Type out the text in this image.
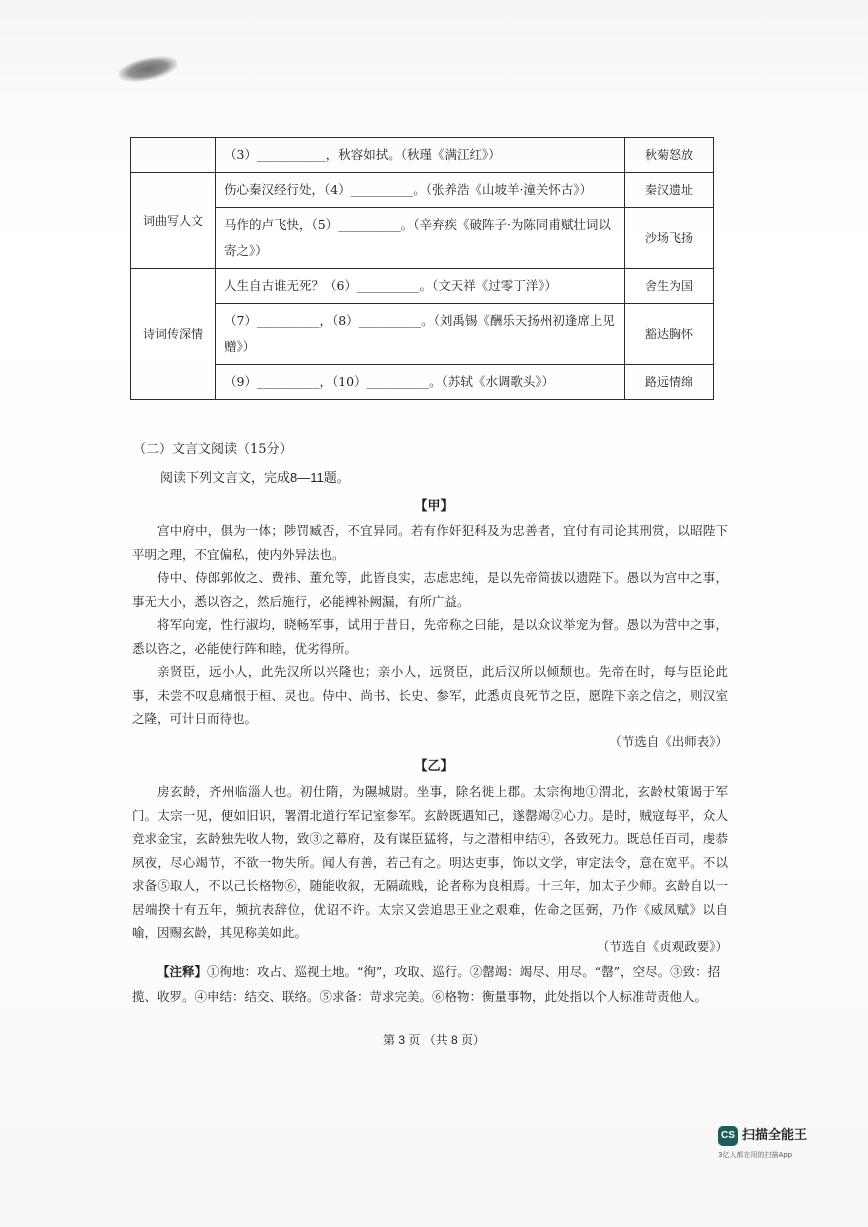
	（3）___________，秋容如拭。（秋瑾《满江红》）	秋菊怒放
词曲写人文	伤心秦汉经行处，（4）__________。（张养浩《山坡羊·潼关怀古》）	秦汉遗址
	马作的卢飞快，（5）__________。（辛弃疾《破阵子·为陈同甫赋壮词以寄之》）	沙场飞扬
诗词传深情	人生自古谁无死？（6）__________。（文天祥《过零丁洋》）	舍生为国
	（7）__________，（8）__________。（刘禹锡《酬乐天扬州初逢席上见赠》）	豁达胸怀
	（9）__________，（10）__________。（苏轼《水调歌头》）	路远情绵
（二）文言文阅读（15分）
阅读下列文言文，完成8—11题。
【甲】
宫中府中，俱为一体；陟罚臧否，不宜异同。若有作奸犯科及为忠善者，宜付有司论其刑赏，以昭陛下平明之理，不宜偏私，使内外异法也。
侍中、侍郎郭攸之、费祎、董允等，此皆良实，志虑忠纯，是以先帝简拔以遗陛下。愚以为宫中之事，事无大小，悉以咨之，然后施行，必能裨补阙漏，有所广益。
将军向宠，性行淑均，晓畅军事，试用于昔日，先帝称之曰能，是以众议举宠为督。愚以为营中之事，悉以咨之，必能使行阵和睦，优劣得所。
亲贤臣，远小人，此先汉所以兴隆也；亲小人，远贤臣，此后汉所以倾颓也。先帝在时，每与臣论此事，未尝不叹息痛恨于桓、灵也。侍中、尚书、长史、参军，此悉贞良死节之臣，愿陛下亲之信之，则汉室之隆，可计日而待也。
（节选自《出师表》）
【乙】
房玄龄，齐州临淄人也。初仕隋，为隰城尉。坐事，除名徙上郡。太宗徇地①渭北，玄龄杖策谒于军门。太宗一见，便如旧识，署渭北道行军记室参军。玄龄既遇知己，遂罄竭②心力。是时，贼寇每平，众人竞求金宝，玄龄独先收人物，致③之幕府，及有谋臣猛将，与之潜相申结④，各致死力。既总任百司，虔恭夙夜，尽心竭节，不欲一物失所。闻人有善，若己有之。明达吏事，饰以文学，审定法令，意在宽平。不以求备⑤取人，不以己长格物⑥，随能收叙，无隔疏贱，论者称为良相焉。十三年，加太子少师。玄龄自以一居端揆十有五年，频抗表辞位，优诏不许。太宗又尝追思王业之艰难，佐命之匡弼，乃作《威凤赋》以自喻，因赐玄龄，其见称美如此。
（节选自《贞观政要》）
【注释】①徇地：攻占、巡视土地。“徇”，攻取、巡行。②罄竭：竭尽、用尽。“罄”，空尽。③致：招揽、收罗。④申结：结交、联络。⑤求备：苛求完美。⑥格物：衡量事物，此处指以个人标准苛责他人。
第 3 页 （共 8 页）
CS 扫描全能王
3亿人都在用的扫描App
